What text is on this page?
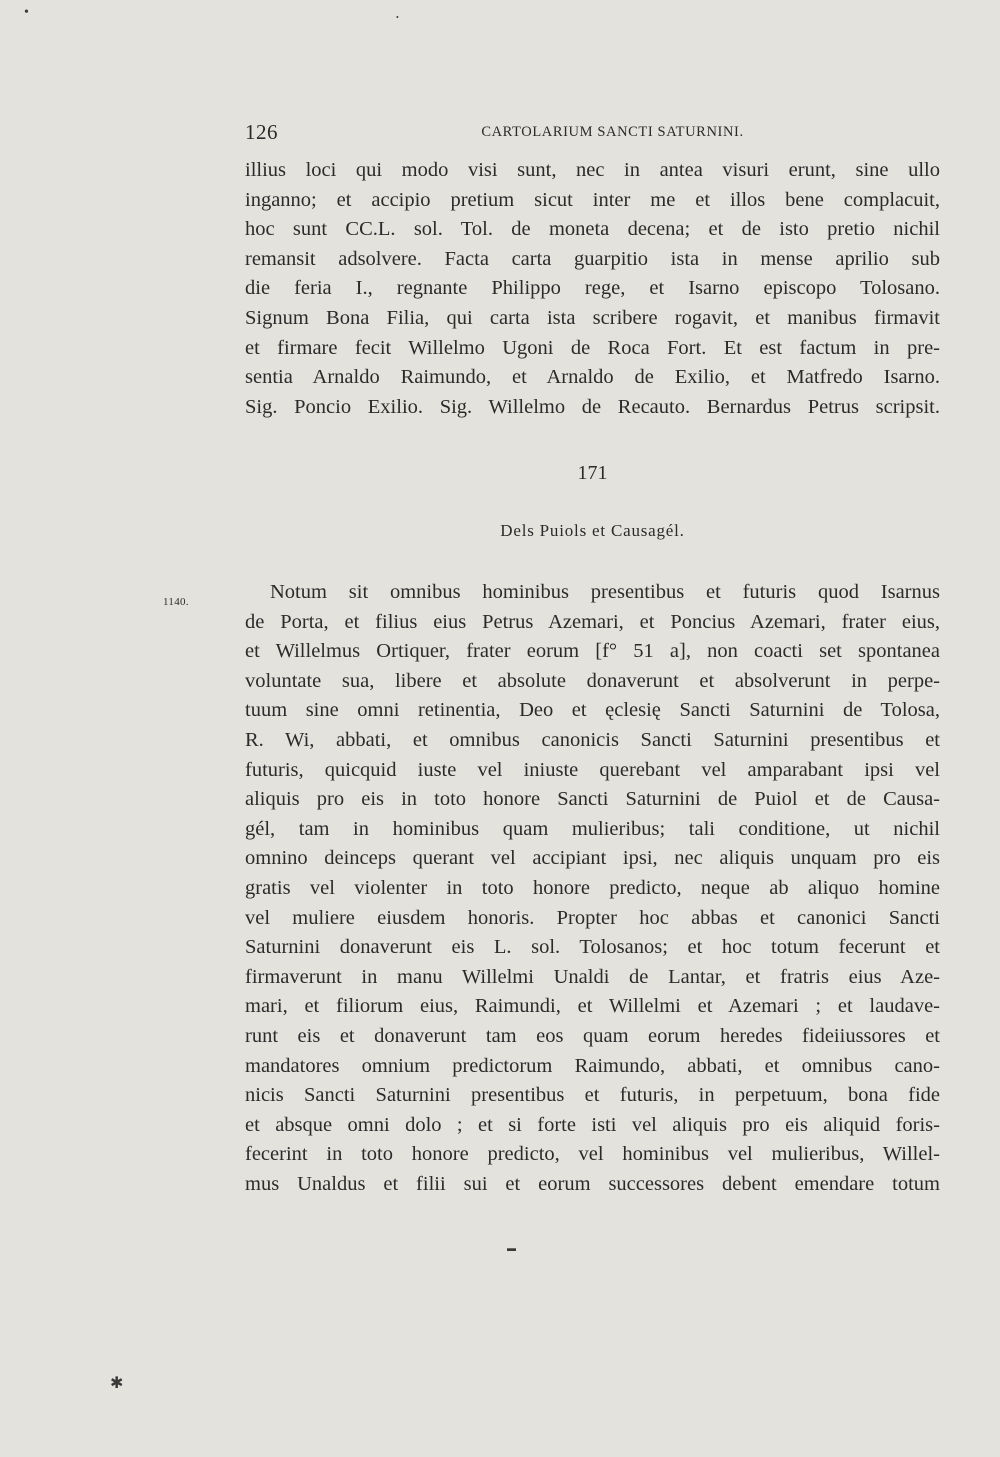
126	CARTOLARIUM SANCTI SATURNINI.

illius loci qui modo visi sunt, nec in antea visuri erunt, sine ullo
inganno; et accipio pretium sicut inter me et illos bene complacuit,
hoc sunt CC.L. sol. Tol. de moneta decena; et de isto pretio nichil
remansit adsolvere. Facta carta guarpitio ista in mense aprilio sub
die feria I., regnante Philippo rege, et Isarno episcopo Tolosano.
Signum Bona Filia, qui carta ista scribere rogavit, et manibus firmavit
et firmare fecit Willelmo Ugoni de Roca Fort. Et est factum in pre-
sentia Arnaldo Raimundo, et Arnaldo de Exilio, et Matfredo Isarno.
Sig. Poncio Exilio. Sig. Willelmo de Recauto. Bernardus Petrus scripsit.

171
Dels Puiols et Causagél.
1140.	Notum sit omnibus hominibus presentibus et futuris quod Isarnus
de Porta, et filius eius Petrus Azemari, et Poncius Azemari, frater eius,
et Willelmus Ortiquer, frater eorum [f° 51 a], non coacti set spontanea
voluntate sua, libere et absolute donaverunt et absolverunt in perpe-
tuum sine omni retinentia, Deo et ęclesię Sancti Saturnini de Tolosa,
R. Wi, abbati, et omnibus canonicis Sancti Saturnini presentibus et
futuris, quicquid iuste vel iniuste querebant vel amparabant ipsi vel
aliquis pro eis in toto honore Sancti Saturnini de Puiol et de Causa-
gél, tam in hominibus quam mulieribus; tali conditione, ut nichil
omnino deinceps querant vel accipiant ipsi, nec aliquis unquam pro eis
gratis vel violenter in toto honore predicto, neque ab aliquo homine
vel muliere eiusdem honoris. Propter hoc abbas et canonici Sancti
Saturnini donaverunt eis L. sol. Tolosanos; et hoc totum fecerunt et
firmaverunt in manu Willelmi Unaldi de Lantar, et fratris eius Aze-
mari, et filiorum eius, Raimundi, et Willelmi et Azemari ; et laudave-
runt eis et donaverunt tam eos quam eorum heredes fideiiussores et
mandatores omnium predictorum Raimundo, abbati, et omnibus cano-
nicis Sancti Saturnini presentibus et futuris, in perpetuum, bona fide
et absque omni dolo ; et si forte isti vel aliquis pro eis aliquid foris-
fecerint in toto honore predicto, vel hominibus vel mulieribus, Willel-
mus Unaldus et filii sui et eorum successores debent emendare totum

•	•
✱
▬
